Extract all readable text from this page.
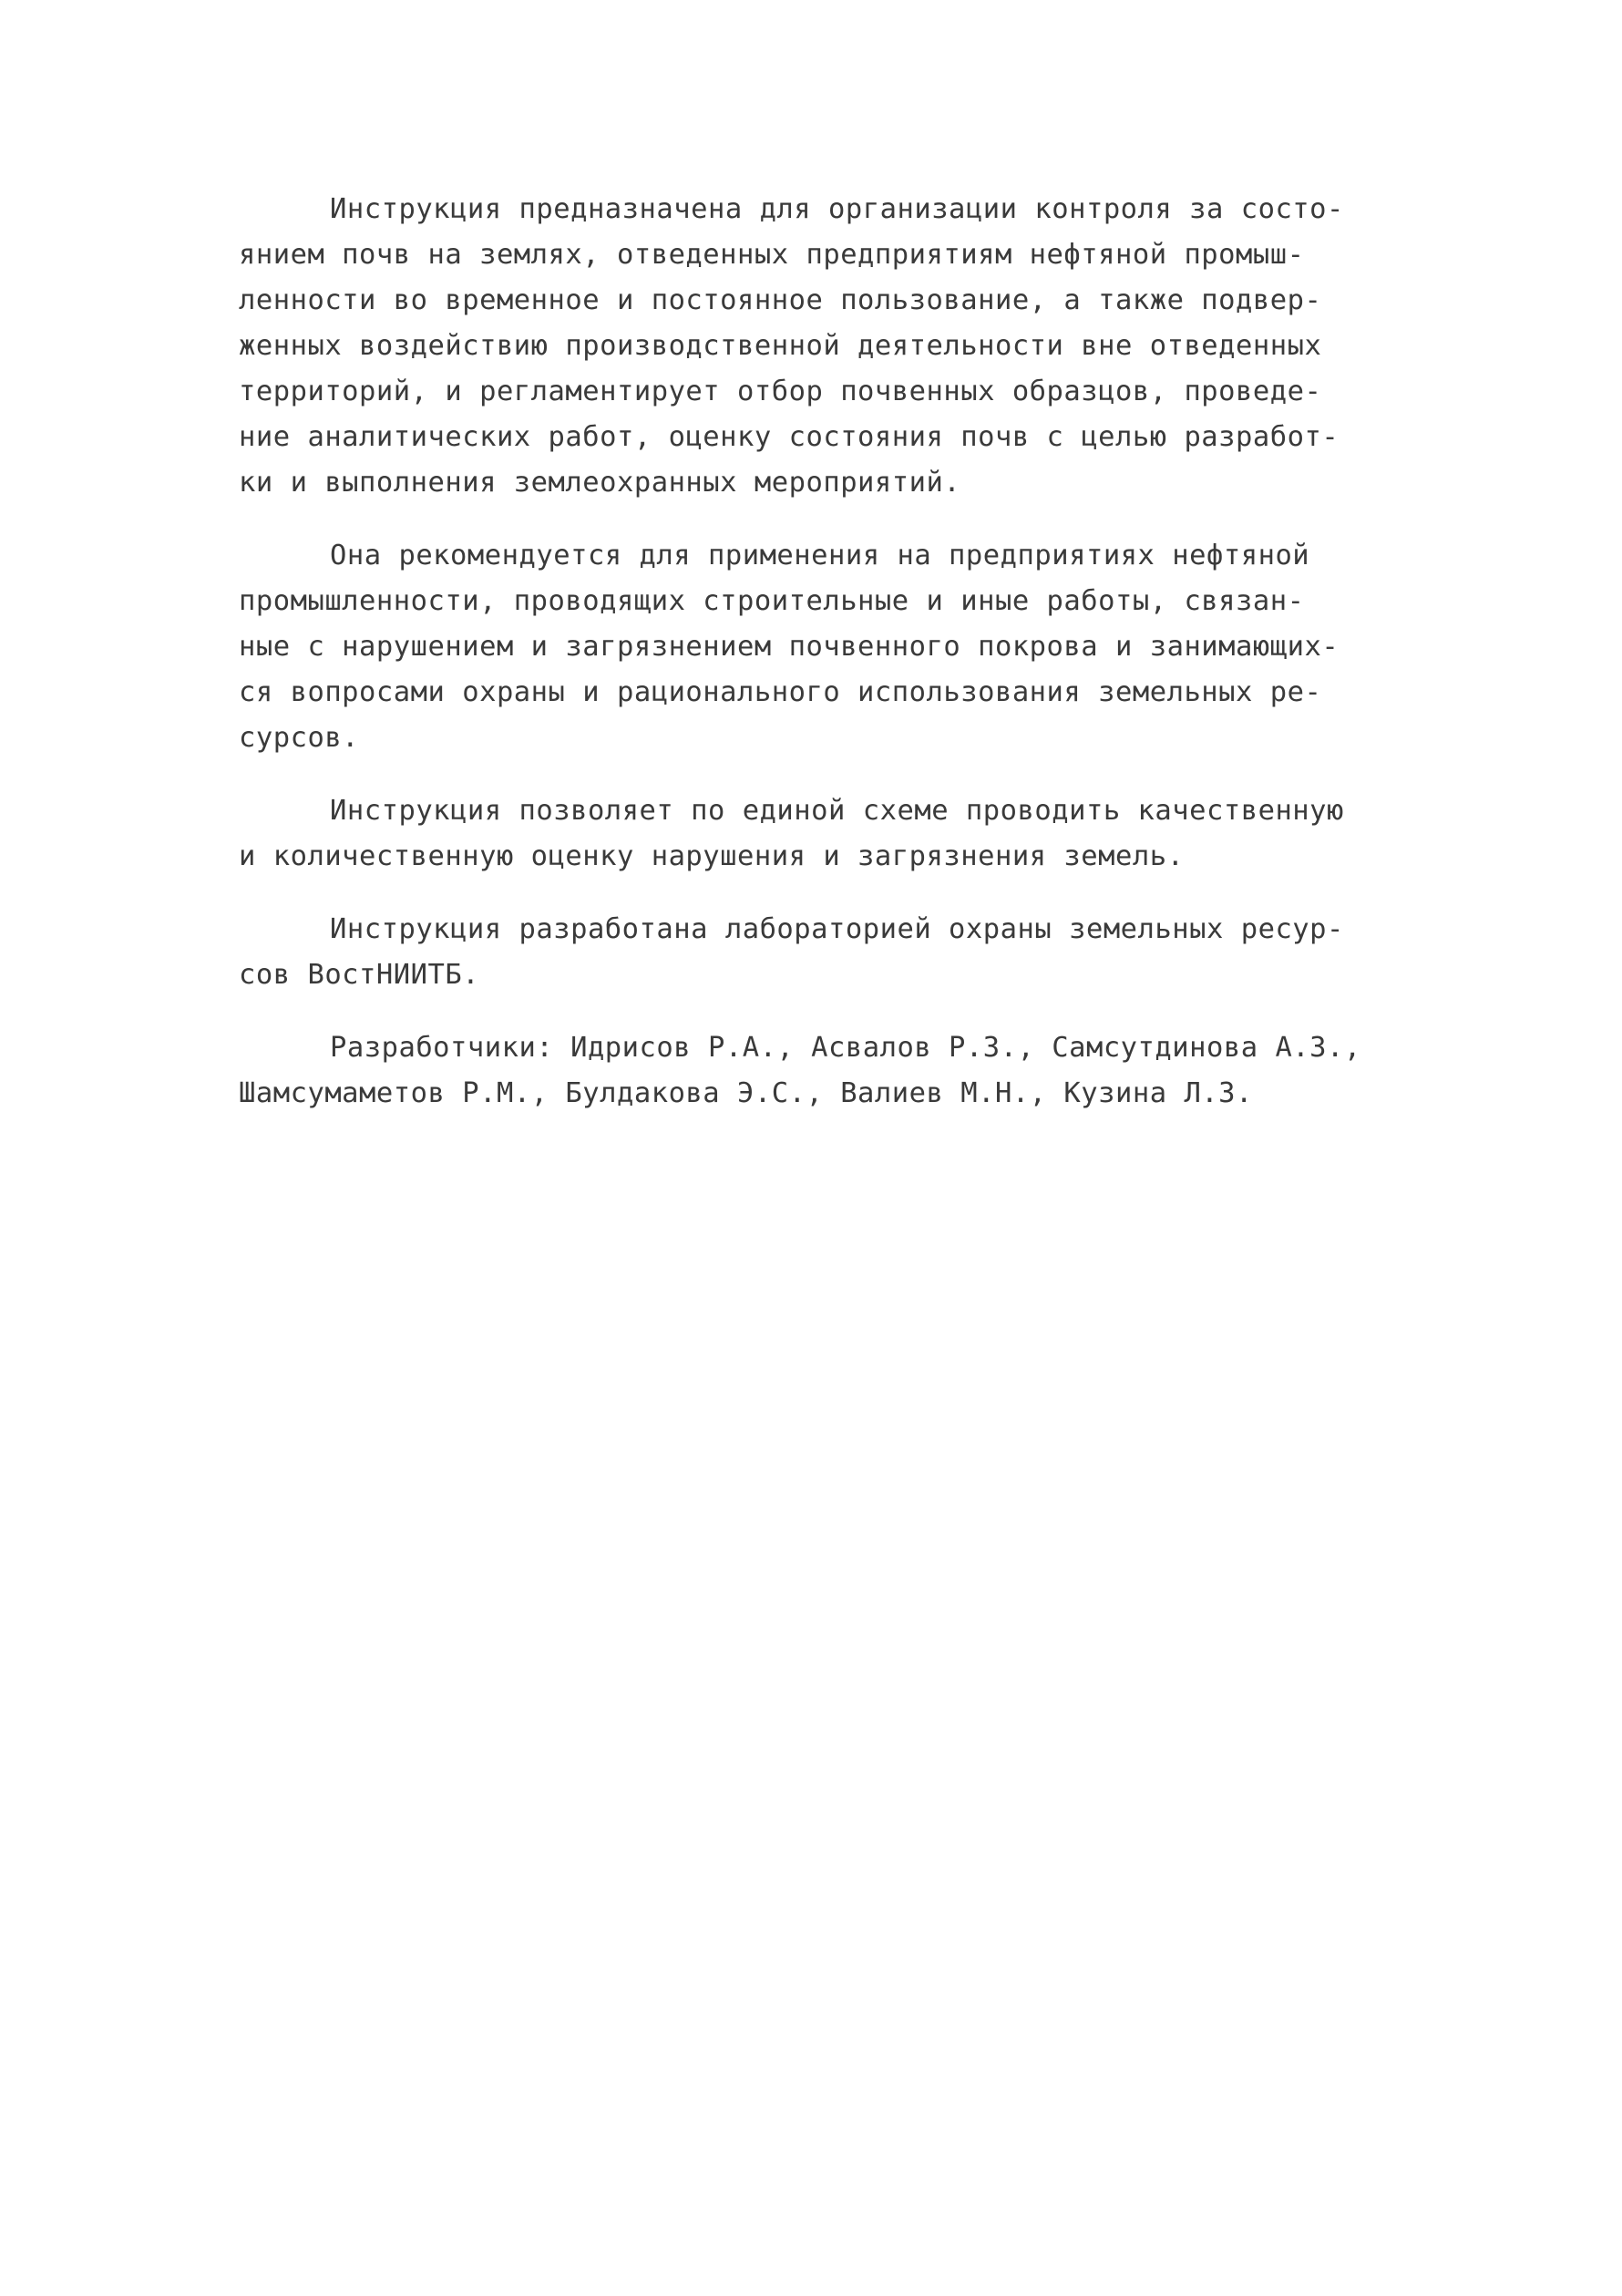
Инструкция предназначена для организации контроля за состо-
янием почв на землях, отведенных предприятиям нефтяной промыш-
ленности во временное и постоянное пользование, а также подвер-
женных воздействию производственной деятельности вне отведенных
территорий, и регламентирует отбор почвенных образцов, проведе-
ние аналитических работ, оценку состояния почв с целью разработ-
ки и выполнения землеохранных мероприятий.
Она рекомендуется для применения на предприятиях нефтяной
промышленности, проводящих строительные и иные работы, связан-
ные с нарушением и загрязнением почвенного покрова и занимающих-
ся вопросами охраны и рационального использования земельных ре-
сурсов.
Инструкция позволяет по единой схеме проводить качественную
и количественную оценку нарушения и загрязнения земель.
Инструкция разработана лабораторией охраны земельных ресур-
сов ВостНИИТБ.
Разработчики: Идрисов Р.А., Асвалов Р.З., Самсутдинова А.З.,
Шамсумаметов Р.М., Булдакова Э.С., Валиев М.Н., Кузина Л.З.
